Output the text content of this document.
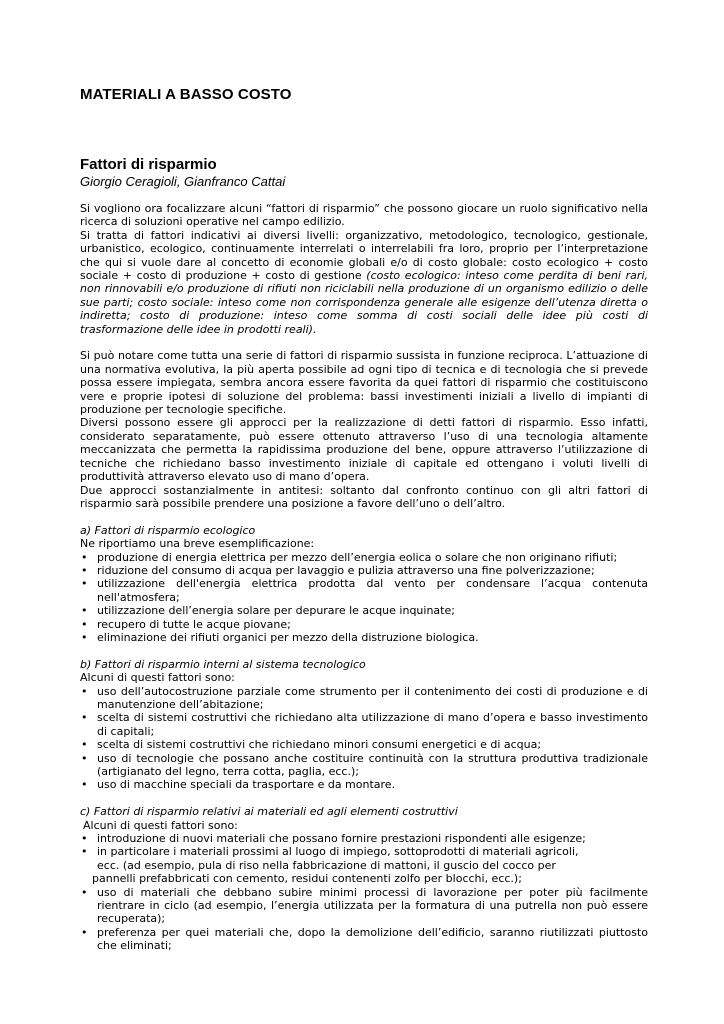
MATERIALI A BASSO COSTO
Fattori di risparmio
Giorgio Ceragioli, Gianfranco Cattai

Si vogliono ora focalizzare alcuni “fattori di risparmio” che possono giocare un ruolo significativo nella ricerca di soluzioni operative nel campo edilizio.

Si tratta di fattori indicativi ai diversi livelli: organizzativo, metodologico, tecnologico, gestionale, urbanistico, ecologico, continuamente interrelati o interrelabili fra loro, proprio per l’interpretazione che qui si vuole dare al concetto di economie globali e/o di costo globale: costo ecologico + costo sociale + costo di produzione + costo di gestione (costo ecologico: inteso come perdita di beni rari, non rinnovabili e/o produzione di rifiuti non riciclabili nella produzione di un organismo edilizio o delle sue parti; costo sociale: inteso come non corrispondenza generale alle esigenze dell’utenza diretta o indiretta; costo di produzione: inteso come somma di costi sociali delle idee più costi di trasformazione delle idee in prodotti reali).

Si può notare come tutta una serie di fattori di risparmio sussista in funzione reciproca. L’attuazione di una normativa evolutiva, la più aperta possibile ad ogni tipo di tecnica e di tecnologia che si prevede possa essere impiegata, sembra ancora essere favorita da quei fattori di risparmio che costituiscono vere e proprie ipotesi di soluzione del problema: bassi investimenti iniziali a livello di impianti di produzione per tecnologie specifiche.

Diversi possono essere gli approcci per la realizzazione di detti fattori di risparmio. Esso infatti, considerato separatamente, può essere ottenuto attraverso l’uso di una tecnologia altamente meccanizzata che permetta la rapidissima produzione del bene, oppure attraverso l’utilizzazione di tecniche che richiedano basso investimento iniziale di capitale ed ottengano i voluti livelli di produttività attraverso elevato uso di mano d’opera.

Due approcci sostanzialmente in antitesi: soltanto dal confronto continuo con gli altri fattori di risparmio sarà possibile prendere una posizione a favore dell’uno o dell’altro.

a) Fattori di risparmio ecologico

Ne riportiamo una breve esemplificazione:

• produzione di energia elettrica per mezzo dell’energia eolica o solare che non originano rifiuti;
• riduzione del consumo di acqua per lavaggio e pulizia attraverso una fine polverizzazione;
• utilizzazione dell'energia elettrica prodotta dal vento per condensare l’acqua contenuta nell'atmosfera;
• utilizzazione dell’energia solare per depurare le acque inquinate;
• recupero di tutte le acque piovane;
• eliminazione dei rifiuti organici per mezzo della distruzione biologica.

b) Fattori di risparmio interni al sistema tecnologico

Alcuni di questi fattori sono:

• uso dell’autocostruzione parziale come strumento per il contenimento dei costi di produzione e di manutenzione dell’abitazione;
• scelta di sistemi costruttivi che richiedano alta utilizzazione di mano d’opera e basso investimento di capitali;
• scelta di sistemi costruttivi che richiedano minori consumi energetici e di acqua;
• uso di tecnologie che possano anche costituire continuità con la struttura produttiva tradizionale (artigianato del legno, terra cotta, paglia, ecc.);
• uso di macchine speciali da trasportare e da montare.

c) Fattori di risparmio relativi ai materiali ed agli elementi costruttivi

Alcuni di questi fattori sono:

• introduzione di nuovi materiali che possano fornire prestazioni rispondenti alle esigenze;
• in particolare i materiali prossimi al luogo di impiego, sottoprodotti di materiali agricoli,

ecc. (ad esempio, pula di riso nella fabbricazione di mattoni, il guscio del cocco per

pannelli prefabbricati con cemento, residui contenenti zolfo per blocchi, ecc.);

• uso di materiali che debbano subire minimi processi di lavorazione per poter più facilmente rientrare in ciclo (ad esempio, l’energia utilizzata per la formatura di una putrella non può essere recuperata);
• preferenza per quei materiali che, dopo la demolizione dell’edificio, saranno riutilizzati piuttosto che eliminati;
